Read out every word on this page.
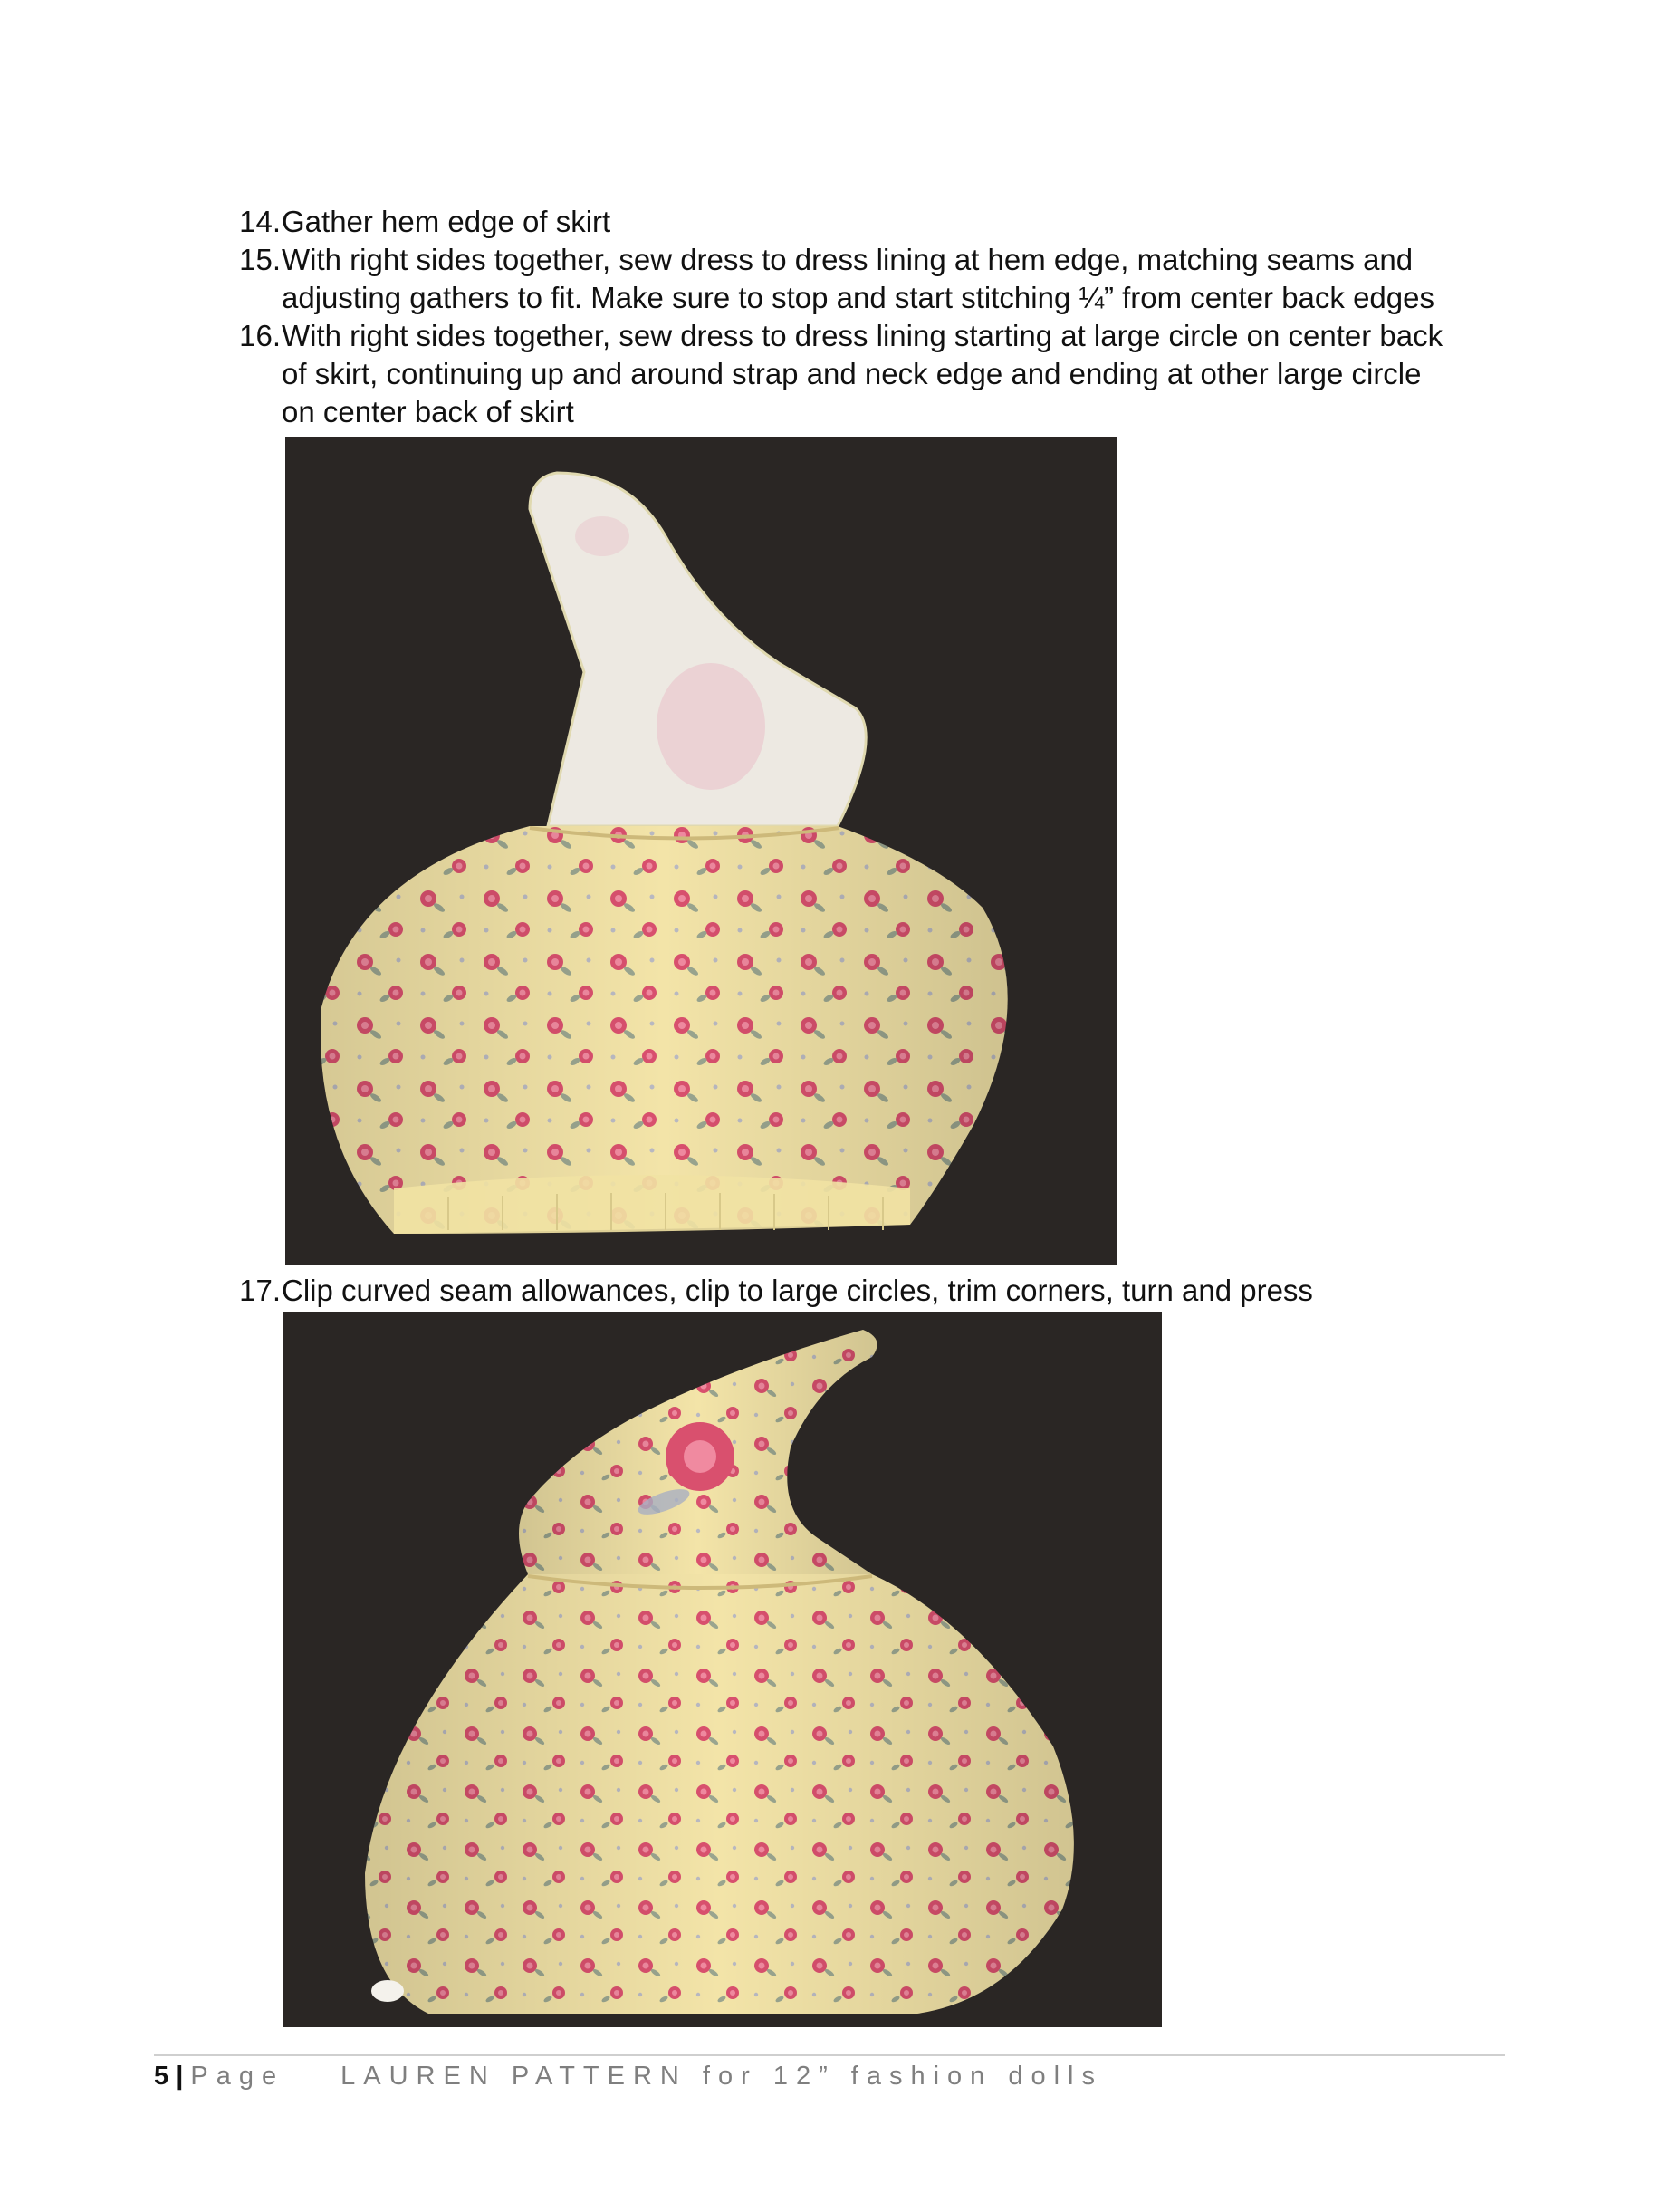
14. Gather hem edge of skirt
15. With right sides together, sew dress to dress lining at hem edge, matching seams and
adjusting gathers to fit. Make sure to stop and start stitching ¼” from center back edges
16. With right sides together, sew dress to dress lining starting at large circle on center back
of skirt, continuing up and around strap and neck edge and ending at other large circle
on center back of skirt
17. Clip curved seam allowances, clip to large circles, trim corners, turn and press
5 | Page LAUREN PATTERN for 12” fashion dolls
